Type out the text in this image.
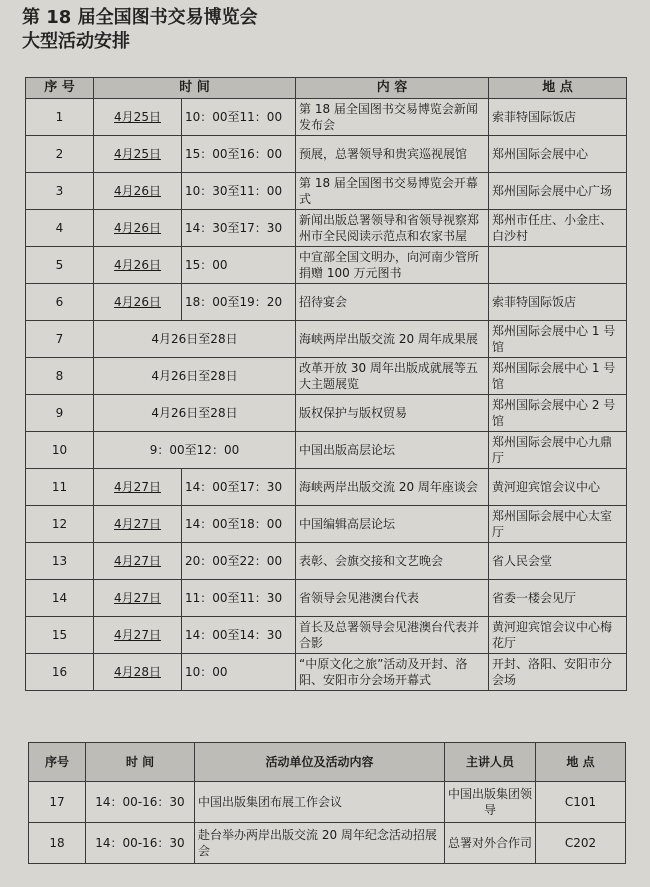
第 18 届全国图书交易博览会
大型活动安排
序 号	时 间		内 容	地 点
1	4月25日	10：00至11：00	第 18 届全国图书交易博览会新闻发布会	索菲特国际饭店
2	4月25日	15：00至16：00	预展，总署领导和贵宾巡视展馆	郑州国际会展中心
3	4月26日	10：30至11：00	第 18 届全国图书交易博览会开幕式	郑州国际会展中心广场
4	4月26日	14：30至17：30	新闻出版总署领导和省领导视察郑州市全民阅读示范点和农家书屋	郑州市任庄、小金庄、白沙村
5	4月26日	15：00	中宣部全国文明办，向河南少管所捐赠 100 万元图书	
6	4月26日	18：00至19：20	招待宴会	索菲特国际饭店
7	4月26日至28日		海峡两岸出版交流 20 周年成果展	郑州国际会展中心 1 号馆
8	4月26日至28日		改革开放 30 周年出版成就展等五大主题展览	郑州国际会展中心 1 号馆
9	4月26日至28日		版权保护与版权贸易	郑州国际会展中心 2 号馆
10	9：00至12：00		中国出版高层论坛	郑州国际会展中心九鼎厅
11	4月27日	14：00至17：30	海峡两岸出版交流 20 周年座谈会	黄河迎宾馆会议中心
12	4月27日	14：00至18：00	中国编辑高层论坛	郑州国际会展中心太室厅
13	4月27日	20：00至22：00	表彰、会旗交接和文艺晚会	省人民会堂
14	4月27日	11：00至11：30	省领导会见港澳台代表	省委一楼会见厅
15	4月27日	14：00至14：30	首长及总署领导会见港澳台代表并合影	黄河迎宾馆会议中心梅花厅
16	4月28日	10：00	“中原文化之旅”活动及开封、洛阳、安阳市分会场开幕式	开封、洛阳、安阳市分会场
序号	时 间	活动单位及活动内容	主讲人员	地 点
17	14：00-16：30	中国出版集团布展工作会议	中国出版集团领导	C101
18	14：00-16：30	赴台举办两岸出版交流 20 周年纪念活动招展会	总署对外合作司	C202
